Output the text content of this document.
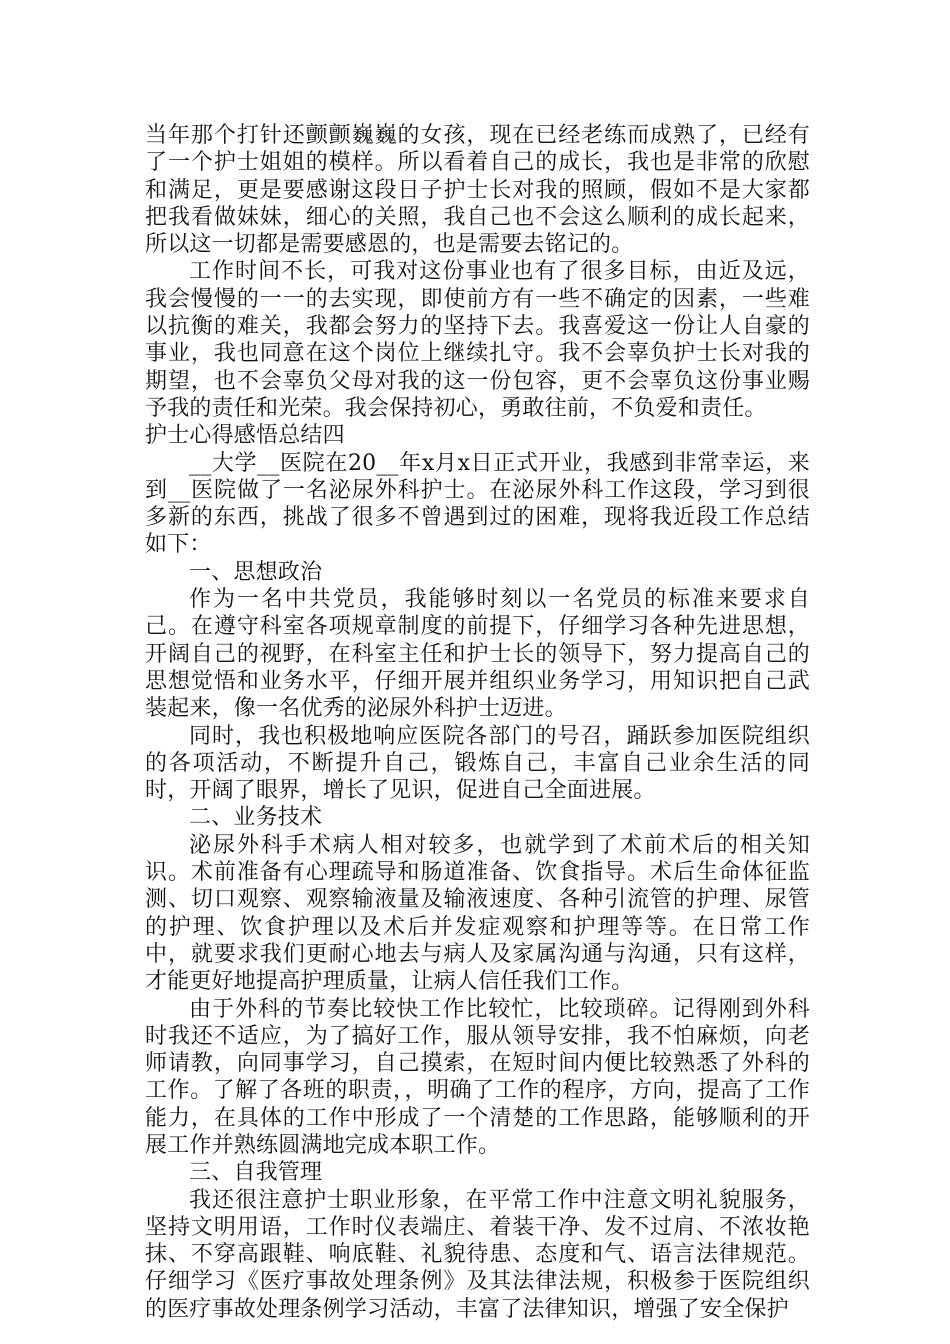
当年那个打针还颤颤巍巍的女孩，现在已经老练而成熟了，已经有了一个护士姐姐的模样。所以看着自己的成长，我也是非常的欣慰和满足，更是要感谢这段日子护士长对我的照顾，假如不是大家都把我看做妹妹，细心的关照，我自己也不会这么顺利的成长起来，所以这一切都是需要感恩的，也是需要去铭记的。

工作时间不长，可我对这份事业也有了很多目标，由近及远，我会慢慢的一一的去实现，即使前方有一些不确定的因素，一些难以抗衡的难关，我都会努力的坚持下去。我喜爱这一份让人自豪的事业，我也同意在这个岗位上继续扎守。我不会辜负护士长对我的期望，也不会辜负父母对我的这一份包容，更不会辜负这份事业赐予我的责任和光荣。我会保持初心，勇敢往前，不负爱和责任。

护士心得感悟总结四

__大学__医院在20__年x月x日正式开业，我感到非常幸运，来到__医院做了一名泌尿外科护士。在泌尿外科工作这段，学习到很多新的东西，挑战了很多不曾遇到过的困难，现将我近段工作总结如下：

一、思想政治

作为一名中共党员，我能够时刻以一名党员的标准来要求自己。在遵守科室各项规章制度的前提下，仔细学习各种先进思想，开阔自己的视野，在科室主任和护士长的领导下，努力提高自己的思想觉悟和业务水平，仔细开展并组织业务学习，用知识把自己武装起来，像一名优秀的泌尿外科护士迈进。

同时，我也积极地响应医院各部门的号召，踊跃参加医院组织的各项活动，不断提升自己，锻炼自己，丰富自己业余生活的同时，开阔了眼界，增长了见识，促进自己全面进展。

二、业务技术

泌尿外科手术病人相对较多，也就学到了术前术后的相关知识。术前准备有心理疏导和肠道准备、饮食指导。术后生命体征监测、切口观察、观察输液量及输液速度、各种引流管的护理、尿管的护理、饮食护理以及术后并发症观察和护理等等。在日常工作中，就要求我们更耐心地去与病人及家属沟通与沟通，只有这样，才能更好地提高护理质量，让病人信任我们工作。

由于外科的节奏比较快工作比较忙，比较琐碎。记得刚到外科时我还不适应，为了搞好工作，服从领导安排，我不怕麻烦，向老师请教，向同事学习，自己摸索，在短时间内便比较熟悉了外科的工作。了解了各班的职责，，明确了工作的程序，方向，提高了工作能力，在具体的工作中形成了一个清楚的工作思路，能够顺利的开展工作并熟练圆满地完成本职工作。

三、自我管理

我还很注意护士职业形象，在平常工作中注意文明礼貌服务，坚持文明用语，工作时仪表端庄、着装干净、发不过肩、不浓妆艳抹、不穿高跟鞋、响底鞋、礼貌待患、态度和气、语言法律规范。仔细学习《医疗事故处理条例》及其法律法规，积极参于医院组织的医疗事故处理条例学习活动，丰富了法律知识，增强了安全保护
